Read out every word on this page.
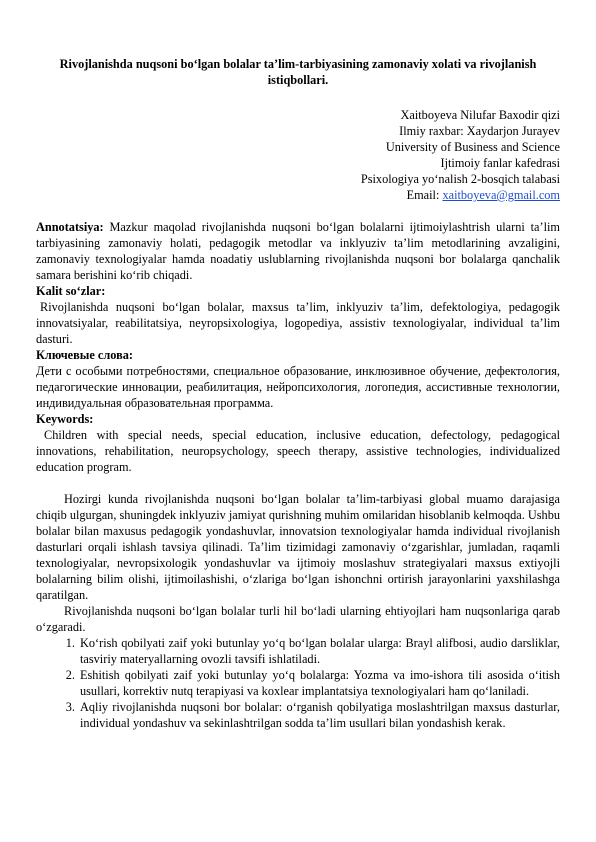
Rivojlanishda nuqsoni bo‘lgan bolalar ta’lim-tarbiyasining zamonaviy xolati va rivojlanish istiqbollari.
Xaitboyeva Nilufar Baxodir qizi
Ilmiy raxbar: Xaydarjon Jurayev
University of Business and Science
Ijtimoiy fanlar kafedrasi
Psixologiya yo‘nalish 2-bosqich talabasi
Email: xaitboyeva@gmail.com

Annotatsiya: Mazkur maqolad rivojlanishda nuqsoni bo‘lgan bolalarni ijtimoiylashtrish ularni ta’lim tarbiyasining zamonaviy holati, pedagogik metodlar va inklyuziv ta’lim metodlarining avzaligini, zamonaviy texnologiyalar hamda noadatiy uslublarning rivojlanishda nuqsoni bor bolalarga qanchalik samara berishini ko‘rib chiqadi.

Kalit so‘zlar:

Rivojlanishda nuqsoni bo‘lgan bolalar, maxsus ta’lim, inklyuziv ta’lim, defektologiya, pedagogik innovatsiyalar, reabilitatsiya, neyropsixologiya, logopediya, assistiv texnologiyalar, individual ta’lim dasturi.

Ключевые слова:

Дети с особыми потребностями, специальное образование, инклюзивное обучение, дефектология, педагогические инновации, реабилитация, нейропсихология, логопедия, ассистивные технологии, индивидуальная образовательная программа.

Keywords:

Children with special needs, special education, inclusive education, defectology, pedagogical innovations, rehabilitation, neuropsychology, speech therapy, assistive technologies, individualized education program.

Hozirgi kunda rivojlanishda nuqsoni bo‘lgan bolalar ta’lim-tarbiyasi global muamo darajasiga chiqib ulgurgan, shuningdek inklyuziv jamiyat qurishning muhim omilaridan hisoblanib kelmoqda. Ushbu bolalar bilan maxusus pedagogik yondashuvlar, innovatsion texnologiyalar hamda individual rivojlanish dasturlari orqali ishlash tavsiya qilinadi. Ta’lim tizimidagi zamonaviy o‘zgarishlar, jumladan, raqamli texnologiyalar, nevropsixologik yondashuvlar va ijtimoiy moslashuv strategiyalari maxsus extiyojli bolalarning bilim olishi, ijtimoilashishi, o‘zlariga bo‘lgan ishonchni ortirish jarayonlarini yaxshilashga qaratilgan.

Rivojlanishda nuqsoni bo‘lgan bolalar turli hil bo‘ladi ularning ehtiyojlari ham nuqsonlariga qarab o‘zgaradi.

1. Ko‘rish qobilyati zaif yoki butunlay yo‘q bo‘lgan bolalar ularga: Brayl alifbosi, audio darsliklar, tasviriy materyallarning ovozli tavsifi ishlatiladi.
2. Eshitish qobilyati zaif yoki butunlay yo‘q bolalarga: Yozma va imo-ishora tili asosida o‘itish usullari, korrektiv nutq terapiyasi va koxlear implantatsiya texnologiyalari ham qo‘laniladi.
3. Aqliy rivojlanishda nuqsoni bor bolalar: o‘rganish qobilyatiga moslashtrilgan maxsus dasturlar, individual yondashuv va sekinlashtrilgan sodda ta’lim usullari bilan yondashish kerak.
